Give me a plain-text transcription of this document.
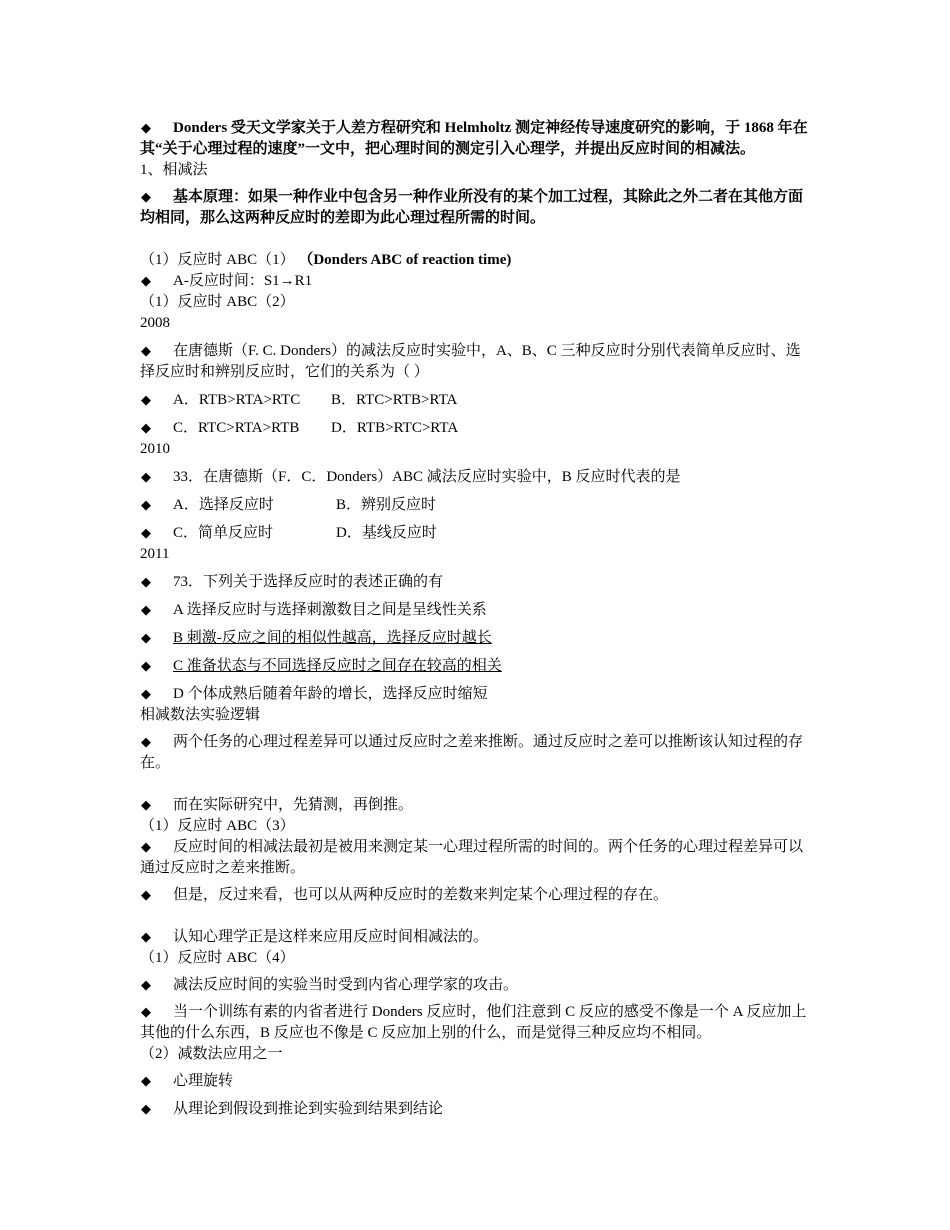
◆ Donders 受天文学家关于人差方程研究和 Helmholtz 测定神经传导速度研究的影响，于 1868 年在其“关于心理过程的速度”一文中，把心理时间的测定引入心理学，并提出反应时间的相减法。

1、相减法

◆ 基本原理：如果一种作业中包含另一种作业所没有的某个加工过程，其除此之外二者在其他方面均相同，那么这两种反应时的差即为此心理过程所需的时间。

（1）反应时 ABC（1） （Donders ABC of reaction time)

◆ A-反应时间：S1→R1

（1）反应时 ABC（2）

2008

◆ 在唐德斯（F. C. Donders）的减法反应时实验中，A、B、C 三种反应时分别代表简单反应时、选择反应时和辨别反应时，它们的关系为（ ）

◆ A．RTB>RTA>RTC B．RTC>RTB>RTA

◆ C．RTC>RTA>RTB D．RTB>RTC>RTA

2010

◆ 33．在唐德斯（F．C．Donders）ABC 减法反应时实验中，B 反应时代表的是

◆ A．选择反应时	B．辨别反应时

◆ C．简单反应时	D．基线反应时

2011

◆ 73．下列关于选择反应时的表述正确的有

◆ A 选择反应时与选择刺激数目之间是呈线性关系

◆ B 刺激-反应之间的相似性越高，选择反应时越长

◆ C 准备状态与不同选择反应时之间存在较高的相关

◆ D 个体成熟后随着年龄的增长，选择反应时缩短

相减数法实验逻辑

◆ 两个任务的心理过程差异可以通过反应时之差来推断。通过反应时之差可以推断该认知过程的存在。

◆ 而在实际研究中，先猜测，再倒推。

（1）反应时 ABC（3）

◆ 反应时间的相减法最初是被用来测定某一心理过程所需的时间的。两个任务的心理过程差异可以通过反应时之差来推断。

◆ 但是，反过来看，也可以从两种反应时的差数来判定某个心理过程的存在。

◆ 认知心理学正是这样来应用反应时间相减法的。

（1）反应时 ABC（4）

◆ 减法反应时间的实验当时受到内省心理学家的攻击。

◆ 当一个训练有素的内省者进行 Donders 反应时，他们注意到 C 反应的感受不像是一个 A 反应加上其他的什么东西，B 反应也不像是 C 反应加上别的什么，而是觉得三种反应均不相同。

（2）减数法应用之一

◆ 心理旋转

◆ 从理论到假设到推论到实验到结果到结论
